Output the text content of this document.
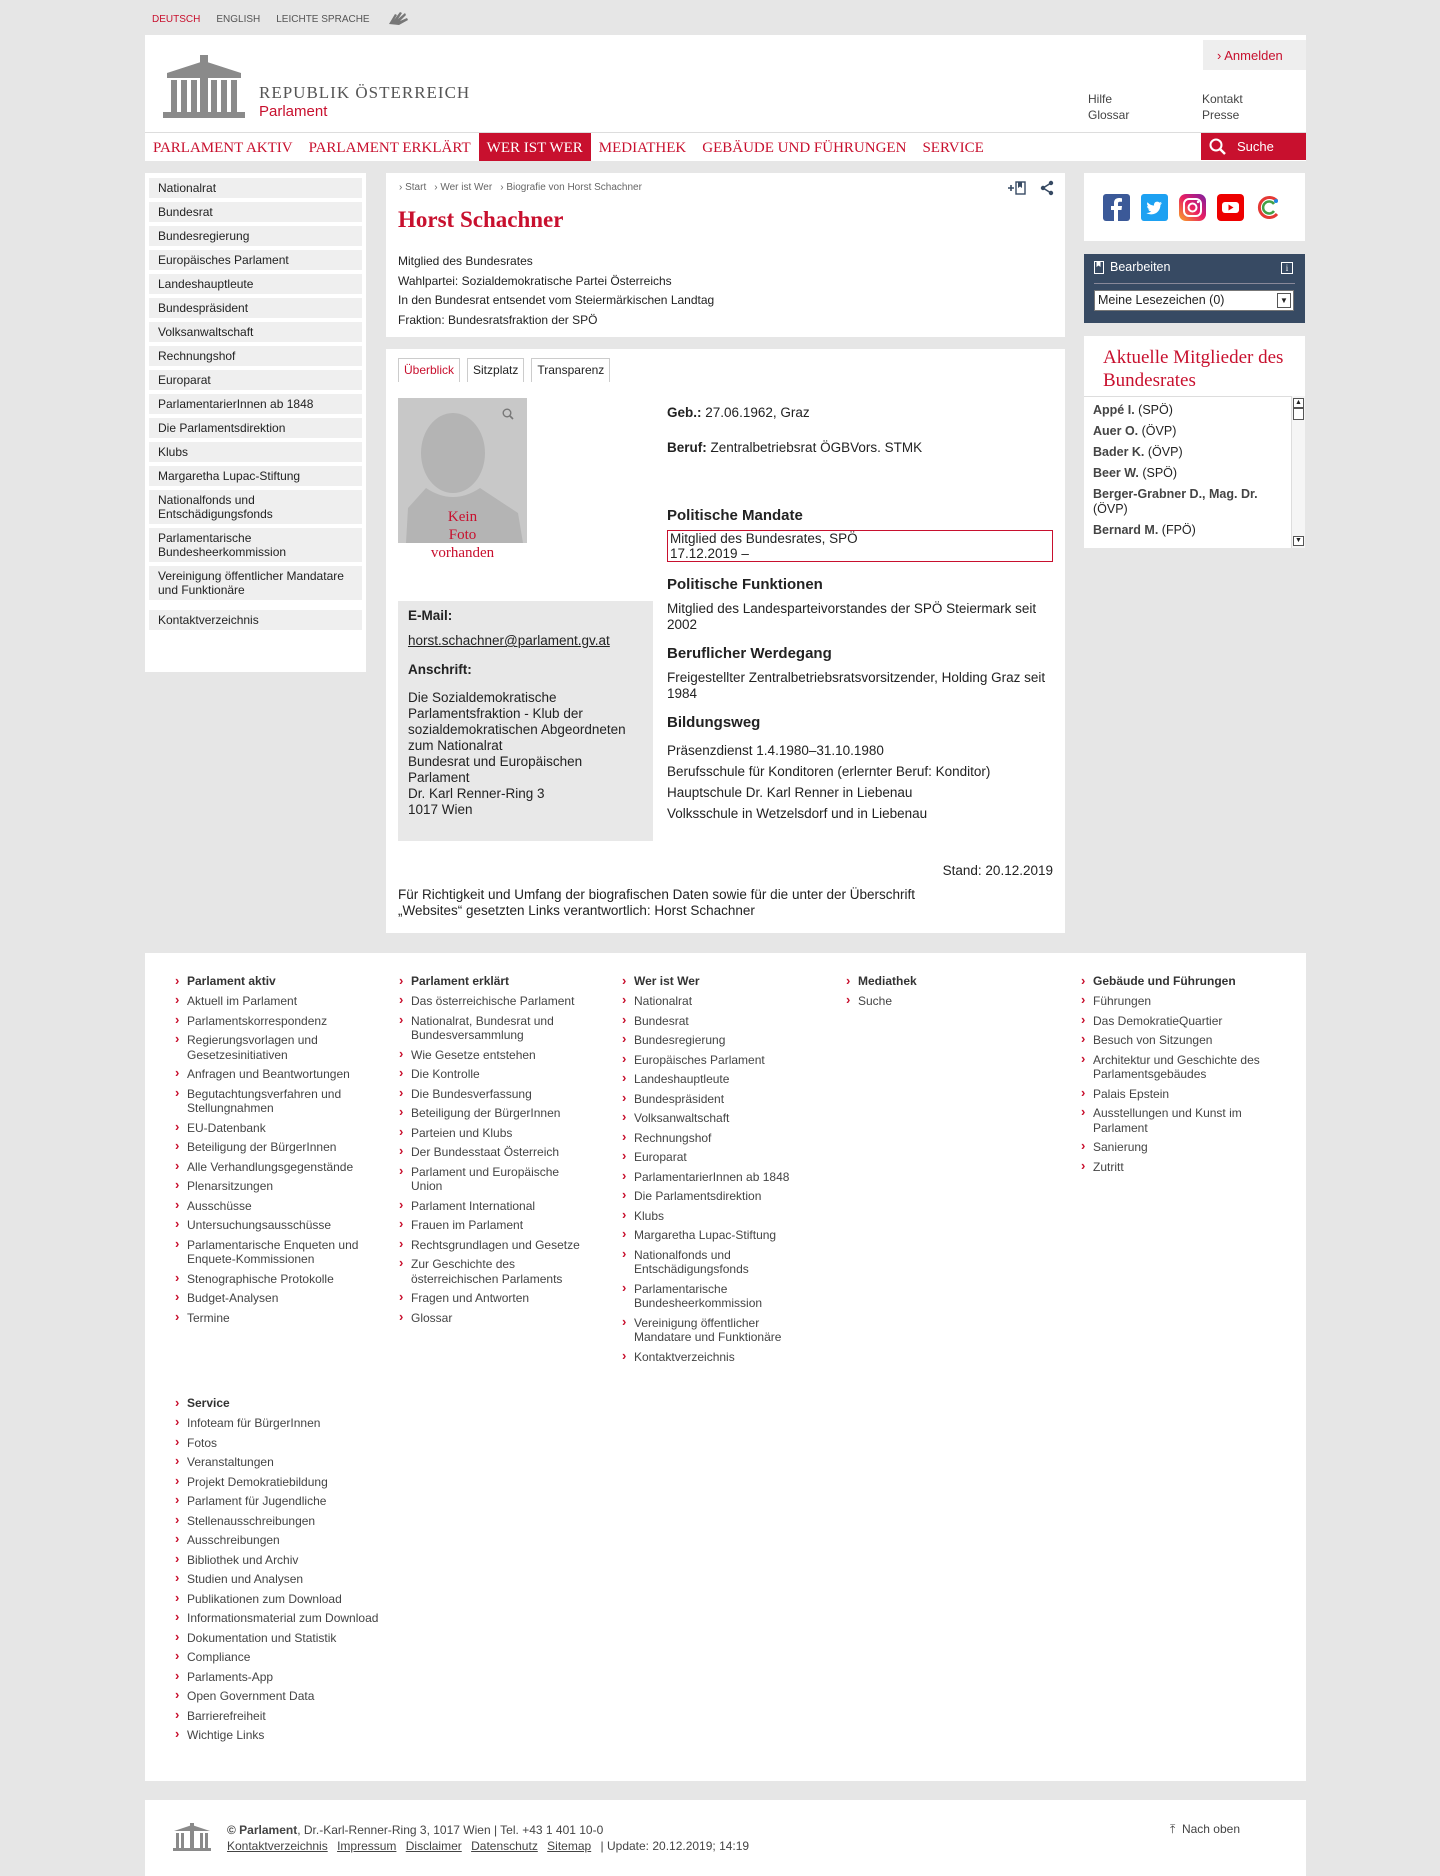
DEUTSCH ENGLISH LEICHTE SPRACHE
REPUBLIK ÖSTERREICH
Parlament
› Anmelden
Hilfe	Kontakt
Glossar	Presse
PARLAMENT AKTIV	PARLAMENT ERKLÄRT	WER IST WER	MEDIATHEK	GEBÄUDE UND FÜHRUNGEN	SERVICE	Suche
Nationalrat
Bundesrat
Bundesregierung
Europäisches Parlament
Landeshauptleute
Bundespräsident
Volksanwaltschaft
Rechnungshof
Europarat
ParlamentarierInnen ab 1848
Die Parlamentsdirektion
Klubs
Margaretha Lupac-Stiftung
Nationalfonds und Entschädigungsfonds
Parlamentarische Bundesheerkommission
Vereinigung öffentlicher Mandatare und Funktionäre
Kontaktverzeichnis
› Start	› Wer ist Wer	› Biografie von Horst Schachner
Horst Schachner
Mitglied des Bundesrates
Wahlpartei: Sozialdemokratische Partei Österreichs
In den Bundesrat entsendet vom Steiermärkischen Landtag
Fraktion: Bundesratsfraktion der SPÖ
Überblick	Sitzplatz	Transparenz
Kein
Foto
vorhanden
E-Mail:
horst.schachner@parlament.gv.at
Anschrift:
Die Sozialdemokratische
Parlamentsfraktion - Klub der
sozialdemokratischen Abgeordneten
zum Nationalrat
Bundesrat und Europäischen
Parlament
Dr. Karl Renner-Ring 3
1017 Wien
Geb.: 27.06.1962, Graz
Beruf: Zentralbetriebsrat ÖGBVors. STMK
Politische Mandate
Mitglied des Bundesrates, SPÖ
17.12.2019 –
Politische Funktionen
Mitglied des Landesparteivorstandes der SPÖ Steiermark seit 2002
Beruflicher Werdegang
Freigestellter Zentralbetriebsratsvorsitzender, Holding Graz seit 1984
Bildungsweg
Präsenzdienst 1.4.1980–31.10.1980
Berufsschule für Konditoren (erlernter Beruf: Konditor)
Hauptschule Dr. Karl Renner in Liebenau
Volksschule in Wetzelsdorf und in Liebenau
Stand: 20.12.2019
Für Richtigkeit und Umfang der biografischen Daten sowie für die unter der Überschrift „Websites“ gesetzten Links verantwortlich: Horst Schachner
Bearbeiten	i
Meine Lesezeichen (0)	▼
Aktuelle Mitglieder des Bundesrates
Appé I. (SPÖ)
Auer O. (ÖVP)
Bader K. (ÖVP)
Beer W. (SPÖ)
Berger-Grabner D., Mag. Dr. (ÖVP)
Bernard M. (FPÖ)
▲
▼
› Parlament aktiv
› Aktuell im Parlament
› Parlamentskorrespondenz
› Regierungsvorlagen und Gesetzesinitiativen
› Anfragen und Beantwortungen
› Begutachtungsverfahren und Stellungnahmen
› EU-Datenbank
› Beteiligung der BürgerInnen
› Alle Verhandlungsgegenstände
› Plenarsitzungen
› Ausschüsse
› Untersuchungsausschüsse
› Parlamentarische Enqueten und Enquete-Kommissionen
› Stenographische Protokolle
› Budget-Analysen
› Termine
› Parlament erklärt
› Das österreichische Parlament
› Nationalrat, Bundesrat und Bundesversammlung
› Wie Gesetze entstehen
› Die Kontrolle
› Die Bundesverfassung
› Beteiligung der BürgerInnen
› Parteien und Klubs
› Der Bundesstaat Österreich
› Parlament und Europäische Union
› Parlament International
› Frauen im Parlament
› Rechtsgrundlagen und Gesetze
› Zur Geschichte des österreichischen Parlaments
› Fragen und Antworten
› Glossar
› Wer ist Wer
› Nationalrat
› Bundesrat
› Bundesregierung
› Europäisches Parlament
› Landeshauptleute
› Bundespräsident
› Volksanwaltschaft
› Rechnungshof
› Europarat
› ParlamentarierInnen ab 1848
› Die Parlamentsdirektion
› Klubs
› Margaretha Lupac-Stiftung
› Nationalfonds und Entschädigungsfonds
› Parlamentarische Bundesheerkommission
› Vereinigung öffentlicher Mandatare und Funktionäre
› Kontaktverzeichnis
› Mediathek
› Suche
› Gebäude und Führungen
› Führungen
› Das DemokratieQuartier
› Besuch von Sitzungen
› Architektur und Geschichte des Parlamentsgebäudes
› Palais Epstein
› Ausstellungen und Kunst im Parlament
› Sanierung
› Zutritt
› Service
› Infoteam für BürgerInnen
› Fotos
› Veranstaltungen
› Projekt Demokratiebildung
› Parlament für Jugendliche
› Stellenausschreibungen
› Ausschreibungen
› Bibliothek und Archiv
› Studien und Analysen
› Publikationen zum Download
› Informationsmaterial zum Download
› Dokumentation und Statistik
› Compliance
› Parlaments-App
› Open Government Data
› Barrierefreiheit
› Wichtige Links
© Parlament, Dr.-Karl-Renner-Ring 3, 1017 Wien | Tel. +43 1 401 10-0
Kontaktverzeichnis Impressum Disclaimer Datenschutz Sitemap | Update: 20.12.2019; 14:19
⤒ Nach oben
